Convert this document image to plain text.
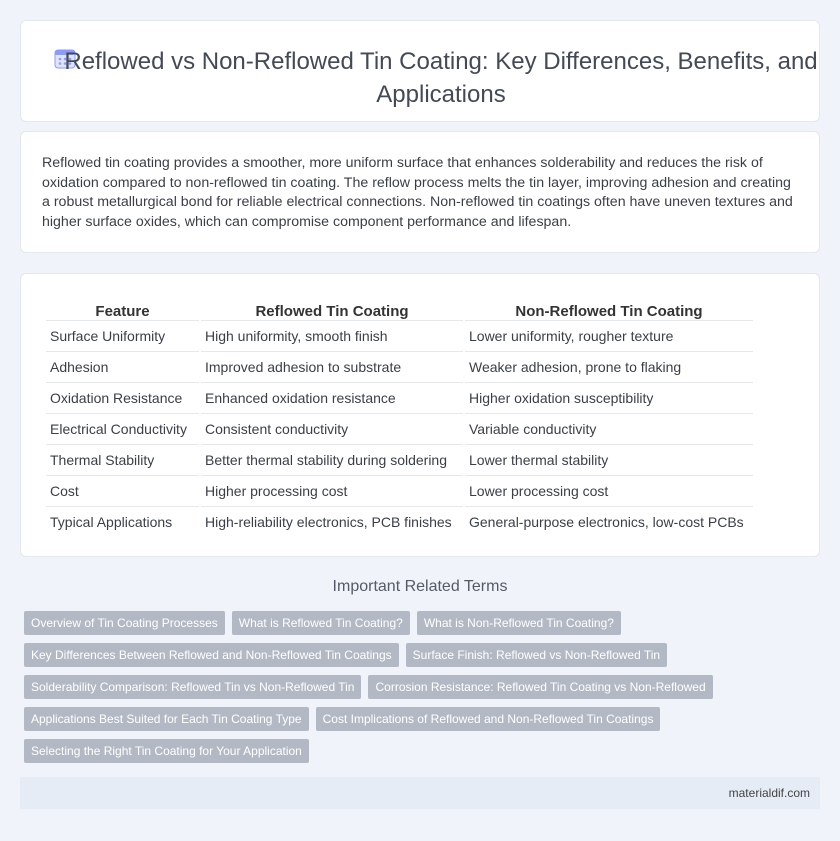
Reflowed vs Non-Reflowed Tin Coating: Key Differences, Benefits, and Applications

Reflowed tin coating provides a smoother, more uniform surface that enhances solderability and reduces the risk of oxidation compared to non-reflowed tin coating. The reflow process melts the tin layer, improving adhesion and creating a robust metallurgical bond for reliable electrical connections. Non-reflowed tin coatings often have uneven textures and higher surface oxides, which can compromise component performance and lifespan.

Feature	Reflowed Tin Coating	Non-Reflowed Tin Coating
Surface Uniformity	High uniformity, smooth finish	Lower uniformity, rougher texture
Adhesion	Improved adhesion to substrate	Weaker adhesion, prone to flaking
Oxidation Resistance	Enhanced oxidation resistance	Higher oxidation susceptibility
Electrical Conductivity	Consistent conductivity	Variable conductivity
Thermal Stability	Better thermal stability during soldering	Lower thermal stability
Cost	Higher processing cost	Lower processing cost
Typical Applications	High-reliability electronics, PCB finishes	General-purpose electronics, low-cost PCBs
Important Related Terms
Overview of Tin Coating Processes	What is Reflowed Tin Coating?	What is Non-Reflowed Tin Coating?
Key Differences Between Reflowed and Non-Reflowed Tin Coatings	Surface Finish: Reflowed vs Non-Reflowed Tin
Solderability Comparison: Reflowed Tin vs Non-Reflowed Tin	Corrosion Resistance: Reflowed Tin Coating vs Non-Reflowed
Applications Best Suited for Each Tin Coating Type	Cost Implications of Reflowed and Non-Reflowed Tin Coatings
Selecting the Right Tin Coating for Your Application
materialdif.com
